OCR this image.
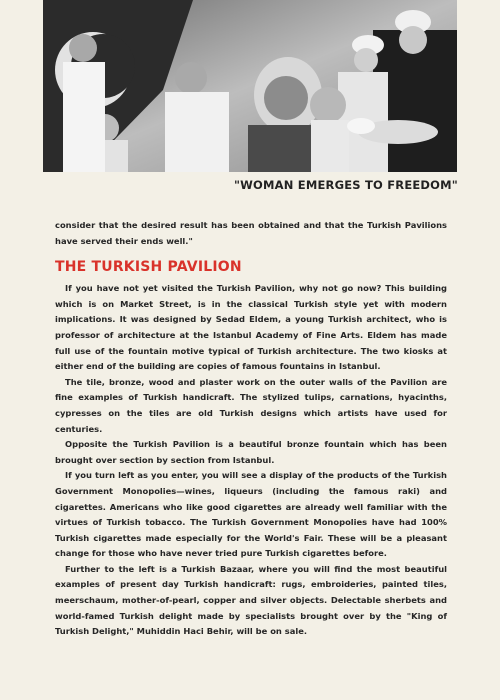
"WOMAN EMERGES TO FREEDOM"

consider that the desired result has been obtained and that the Turkish Pavilions have served their ends well."

THE TURKISH PAVILION

If you have not yet visited the Turkish Pavilion, why not go now? This building which is on Market Street, is in the classical Turkish style yet with modern implications. It was designed by Sedad Eldem, a young Turkish architect, who is professor of architecture at the Istanbul Academy of Fine Arts. Eldem has made full use of the fountain motive typical of Turkish architecture. The two kiosks at either end of the building are copies of famous fountains in Istanbul.

The tile, bronze, wood and plaster work on the outer walls of the Pavilion are fine examples of Turkish handicraft. The stylized tulips, carnations, hyacinths, cypresses on the tiles are old Turkish designs which artists have used for centuries.

Opposite the Turkish Pavilion is a beautiful bronze fountain which has been brought over section by section from Istanbul.

If you turn left as you enter, you will see a display of the products of the Turkish Government Monopolies—wines, liqueurs (including the famous raki) and cigarettes. Americans who like good cigarettes are already well familiar with the virtues of Turkish tobacco. The Turkish Government Monopolies have had 100% Turkish cigarettes made especially for the World's Fair. These will be a pleasant change for those who have never tried pure Turkish cigarettes before.

Further to the left is a Turkish Bazaar, where you will find the most beautiful examples of present day Turkish handicraft: rugs, embroideries, painted tiles, meerschaum, mother-of-pearl, copper and silver objects. Delectable sherbets and world-famed Turkish delight made by specialists brought over by the "King of Turkish Delight," Muhiddin Haci Behir, will be on sale.
